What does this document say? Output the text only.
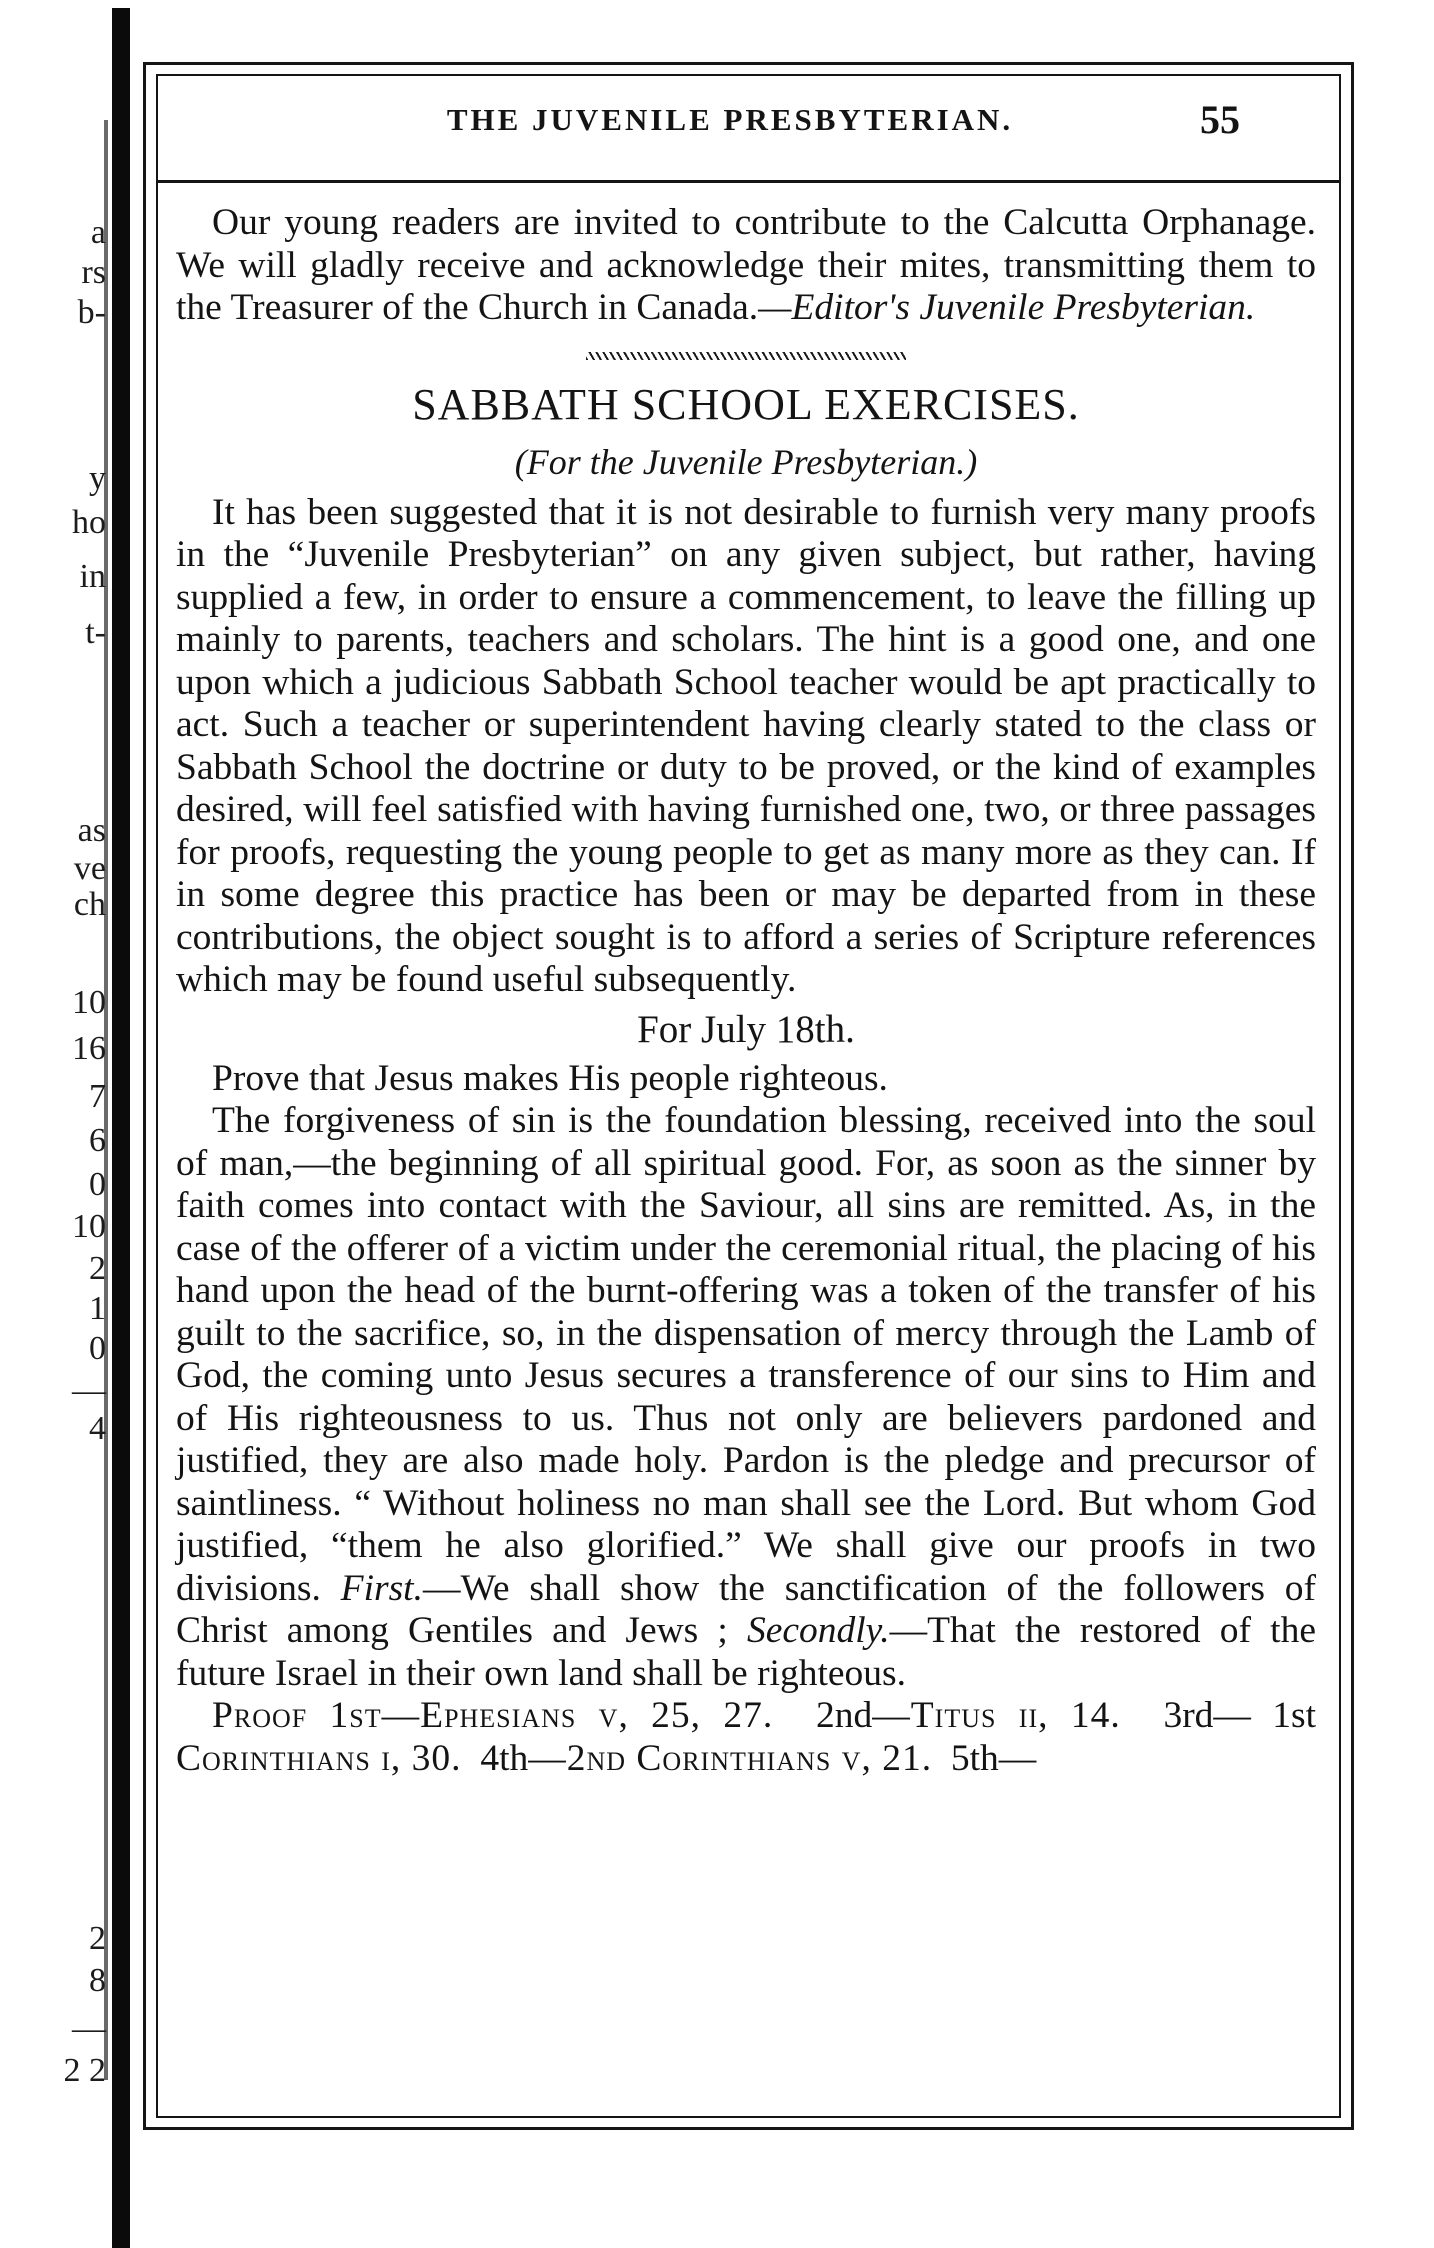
a
rs
b-
y
ho
in
t-
as
ve
ch
10
16
7
6
0
10
2
1
0
—
4
2
8
—
2 2
THE JUVENILE PRESBYTERIAN.	55

Our young readers are invited to contribute to the Calcutta Orphanage. We will gladly receive and acknowledge their mites, transmitting them to the Treasurer of the Church in Canada.—Editor's Juvenile Presbyterian.

SABBATH SCHOOL EXERCISES.
(For the Juvenile Presbyterian.)

It has been suggested that it is not desirable to furnish very many proofs in the “Juvenile Presbyterian” on any given subject, but rather, having supplied a few, in order to ensure a commencement, to leave the filling up mainly to parents, teachers and scholars. The hint is a good one, and one upon which a judicious Sabbath School teacher would be apt practically to act. Such a teacher or superintendent having clearly stated to the class or Sabbath School the doctrine or duty to be proved, or the kind of examples desired, will feel satisfied with having furnished one, two, or three passages for proofs, requesting the young people to get as many more as they can. If in some degree this practice has been or may be departed from in these contributions, the object sought is to afford a series of Scripture references which may be found useful subsequently.

For July 18th.

Prove that Jesus makes His people righteous.

The forgiveness of sin is the foundation blessing, received into the soul of man,—the beginning of all spiritual good. For, as soon as the sinner by faith comes into contact with the Saviour, all sins are remitted. As, in the case of the offerer of a victim under the ceremonial ritual, the placing of his hand upon the head of the burnt-offering was a token of the transfer of his guilt to the sacrifice, so, in the dispensation of mercy through the Lamb of God, the coming unto Jesus secures a transference of our sins to Him and of His righteousness to us. Thus not only are believers pardoned and justified, they are also made holy. Pardon is the pledge and precursor of saintliness. “ Without holiness no man shall see the Lord. But whom God justified, “them he also glorified.” We shall give our proofs in two divisions. First.—We shall show the sanctification of the followers of Christ among Gentiles and Jews ; Secondly.—That the restored of the future Israel in their own land shall be righteous.

Proof 1st—Ephesians v, 25, 27. 2nd—Titus ii, 14. 3rd— 1st Corinthians i, 30. 4th—2nd Corinthians v, 21. 5th—
